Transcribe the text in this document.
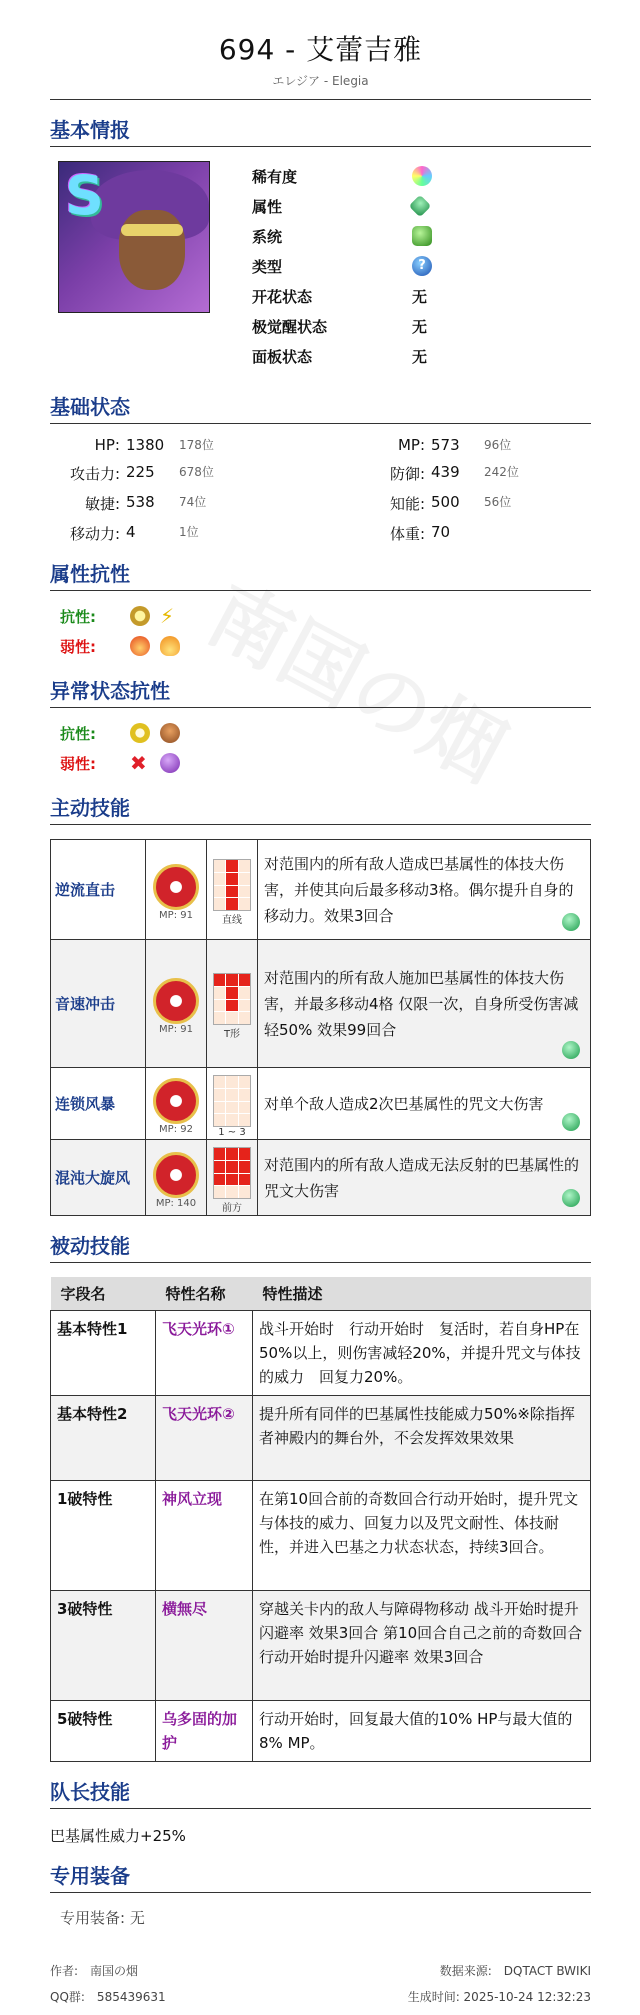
南国の烟
694 - 艾蕾吉雅
エレジア - Elegia
基本情报
S	稀有度
属性
系统
类型	?
开花状态	无
极觉醒状态	无
面板状态	无
基础状态
HP: 1380	178位	MP: 573	96位
攻击力: 225	678位	防御: 439	242位
敏捷: 538	74位	知能: 500	56位
移动力: 4	1位	体重: 70
属性抗性
抗性:	⚡
弱性:
异常状态抗性
抗性:
弱性:	✖
主动技能
逆流直击	MP: 91	直线	对范围内的所有敌人造成巴基属性的体技大伤害，并使其向后最多移动3格。偶尔提升自身的移动力。效果3回合

音速冲击	MP: 91	T形	对范围内的所有敌人施加巴基属性的体技大伤害，并最多移动4格 仅限一次，自身所受伤害减轻50% 效果99回合

连锁风暴	MP: 92	1 ~ 3	对单个敌人造成2次巴基属性的咒文大伤害

混沌大旋风	MP: 140	前方	对范围内的所有敌人造成无法反射的巴基属性的咒文大伤害
被动技能
字段名	特性名称	特性描述
基本特性1	飞天光环①	战斗开始时　行动开始时　复活时，若自身HP在50%以上，则伤害减轻20%，并提升咒文与体技的威力　回复力20%。
基本特性2	飞天光环②	提升所有同伴的巴基属性技能威力50%※除指挥者神殿内的舞台外，不会发挥效果效果
1破特性	神风立现	在第10回合前的奇数回合行动开始时，提升咒文与体技的威力、回复力以及咒文耐性、体技耐性，并进入巴基之力状态状态，持续3回合。
3破特性	横無尽	穿越关卡内的敌人与障碍物移动 战斗开始时提升闪避率 效果3回合 第10回合自己之前的奇数回合行动开始时提升闪避率 效果3回合
5破特性	乌多固的加护	行动开始时，回复最大值的10% HP与最大值的8% MP。
队长技能
巴基属性威力+25%
专用装备
专用装备: 无
作者:　南国の烟
QQ群:　585439631
数据来源:　DQTACT BWIKI
生成时间: 2025-10-24 12:32:23
